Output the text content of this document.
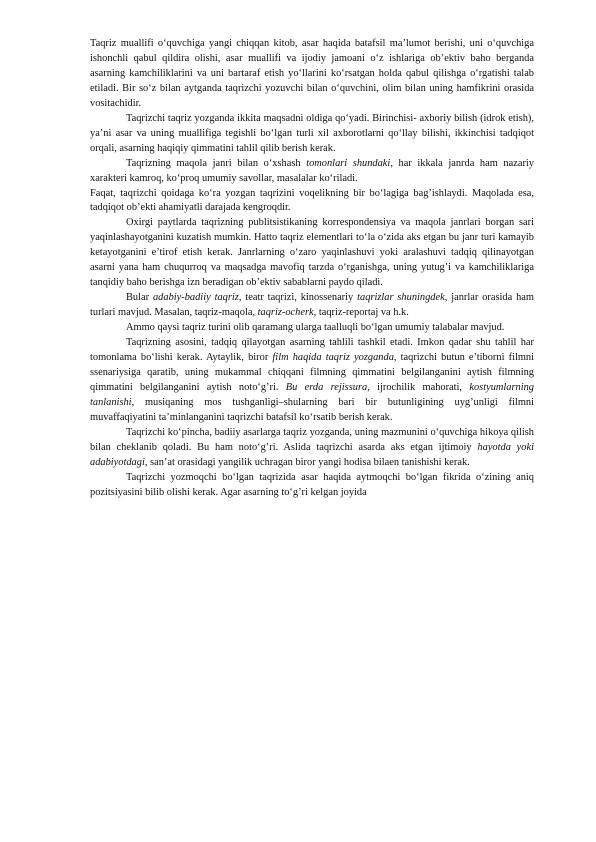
Taqriz muallifi o‘quvchiga yangi chiqqan kitob, asar haqida batafsil ma’lumot berishi, uni o‘quvchiga ishonchli qabul qildira olishi, asar muallifi va ijodiy jamoani o‘z ishlariga ob’ektiv baho berganda asarning kamchiliklarini va uni bartaraf etish yo‘llarini ko‘rsatgan holda qabul qilishga o‘rgatishi talab etiladi. Bir so‘z bilan aytganda taqrizchi yozuvchi bilan o‘quvchini, olim bilan uning hamfikrini orasida vositachidir.

Taqrizchi taqriz yozganda ikkita maqsadni oldiga qo‘yadi. Birinchisi- axboriy bilish (idrok etish), ya’ni asar va uning muallifiga tegishli bo‘lgan turli xil axborotlarni qo‘llay bilishi, ikkinchisi tadqiqot orqali, asarning haqiqiy qimmatini tahlil qilib berish kerak.

Taqrizning maqola janri bilan o‘xshash tomonlari shundaki, har ikkala janrda ham nazariy xarakteri kamroq, ko‘proq umumiy savollar, masalalar ko‘riladi.

Faqat, taqrizchi qoidaga ko‘ra yozgan taqrizini voqelikning bir bo‘lagiga bag’ishlaydi. Maqolada esa, tadqiqot ob’ekti ahamiyatli darajada kengroqdir.

Oxirgi paytlarda taqrizning publitsistikaning korrespondensiya va maqola janrlari borgan sari yaqinlashayotganini kuzatish mumkin. Hatto taqriz elementlari to‘la o‘zida aks etgan bu janr turi kamayib ketayotganini e’tirof etish kerak. Janrlarning o‘zaro yaqinlashuvi yoki aralashuvi tadqiq qilinayotgan asarni yana ham chuqurroq va maqsadga mavofiq tarzda o‘rganishga, uning yutug’i va kamchiliklariga tanqidiy baho berishga izn beradigan ob’ektiv sabablarni paydo qiladi.

Bular adabiy-badiiy taqriz, teatr taqrizi, kinossenariy taqrizlar shuningdek, janrlar orasida ham turlari mavjud. Masalan, taqriz-maqola, taqriz-ocherk, taqriz-reportaj va h.k.

Ammo qaysi taqriz turini olib qaramang ularga taalluqli bo‘lgan umumiy talabalar mavjud.

Taqrizning asosini, tadqiq qilayotgan asarning tahlili tashkil etadi. Imkon qadar shu tahlil har tomonlama bo‘lishi kerak. Aytaylik, biror film haqida taqriz yozganda, taqrizchi butun e’tiborni filmni ssenariysiga qaratib, uning mukammal chiqqani filmning qimmatini belgilanganini aytish filmning qimmatini belgilanganini aytish noto‘g’ri. Bu erda rejissura, ijrochilik mahorati, kostyumlarning tanlanishi, musiqaning mos tushganligi–shularning bari bir butunligining uyg’unligi filmni muvaffaqiyatini ta’minlanganini taqrizchi batafsil ko‘rsatib berish kerak.

Taqrizchi ko‘pincha, badiiy asarlarga taqriz yozganda, uning mazmunini o‘quvchiga hikoya qilish bilan cheklanib qoladi. Bu ham noto‘g’ri. Aslida taqrizchi asarda aks etgan ijtimoiy hayotda yoki adabiyotdagi, san’at orasidagi yangilik uchragan biror yangi hodisa bilaen tanishishi kerak.

Taqrizchi yozmoqchi bo‘lgan taqrizida asar haqida aytmoqchi bo‘lgan fikrida o‘zining aniq pozitsiyasini bilib olishi kerak. Agar asarning to‘g’ri kelgan joyida
